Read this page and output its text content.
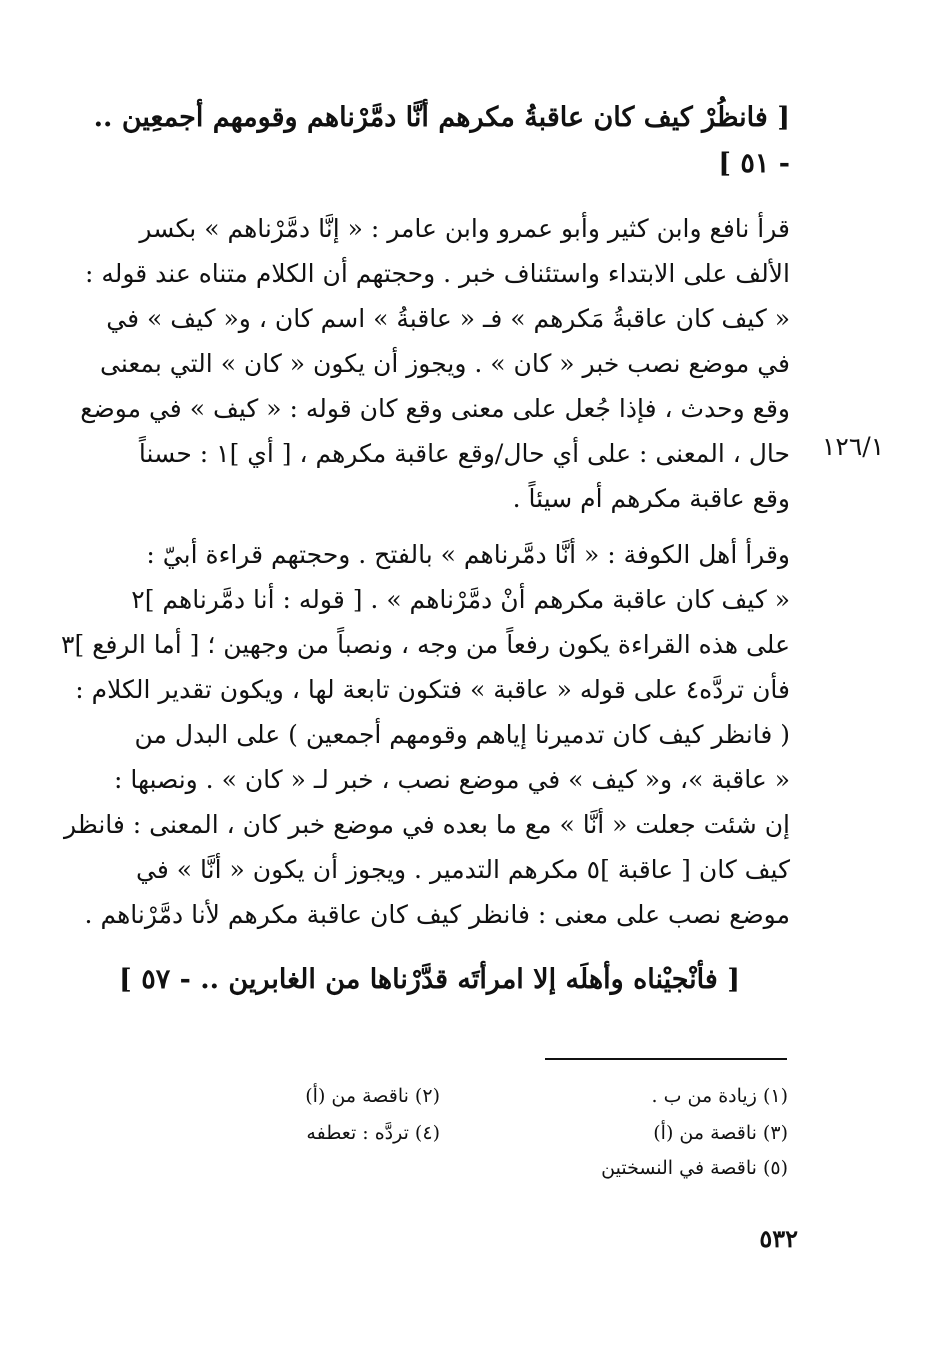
[ فانظُرْ كيف كان عاقبةُ مكرهم أنَّا دمَّرْناهم وقومهم أجمعِين ..
- ٥١ ]
قرأ نافع وابن كثير وأبو عمرو وابن عامر : « إنَّا دمَّرْناهم » بكسر
الألف على الابتداء واستئناف خبر . وحجتهم أن الكلام متناه عند قوله :
« كيف كان عاقبةُ مَكرهم » فـ « عاقبةُ » اسم كان ، و« كيف » في
في موضع نصب خبر « كان » . ويجوز أن يكون « كان » التي بمعنى
وقع وحدث ، فإذا جُعل على معنى وقع كان قوله : « كيف » في موضع
حال ، المعنى : على أي حال/وقع عاقبة مكرهم ، [ أي ]١ : حسناً
وقع عاقبة مكرهم أم سيئاً .
١٢٦/١
وقرأ أهل الكوفة : « أنَّا دمَّرناهم » بالفتح . وحجتهم قراءة أبيّ :
« كيف كان عاقبة مكرهم أنْ دمَّرْناهم » . [ قوله : أنا دمَّرناهم ]٢
على هذه القراءة يكون رفعاً من وجه ، ونصباً من وجهين ؛ [ أما الرفع ]٣
فأن تردَّه٤ على قوله « عاقبة » فتكون تابعة لها ، ويكون تقدير الكلام :
( فانظر كيف كان تدميرنا إياهم وقومهم أجمعين ) على البدل من
« عاقبة »، و« كيف » في موضع نصب ، خبر لـ « كان » . ونصبها :
إن شئت جعلت « أنَّا » مع ما بعده في موضع خبر كان ، المعنى : فانظر
كيف كان [ عاقبة ]٥ مكرهم التدمير . ويجوز أن يكون « أنَّا » في
موضع نصب على معنى : فانظر كيف كان عاقبة مكرهم لأنا دمَّرْناهم .
[ فأنْجيْناه وأهلَه إلا امرأتَه قدَّرْناها من الغابرين .. - ٥٧ ]
(١) زيادة من ب .
(٢) ناقصة من (أ)
(٣) ناقصة من (أ)
(٤) تردَّه : تعطفه
(٥) ناقصة في النسختين
٥٣٢
